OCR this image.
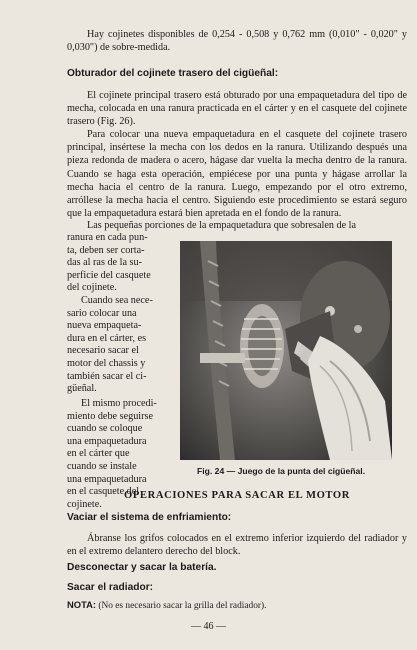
Hay cojinetes disponibles de 0,254 - 0,508 y 0,762 mm (0,010" - 0,020" y 0,030") de sobre-medida.

Obturador del cojinete trasero del cigüeñal:

El cojinete principal trasero está obturado por una empaquetadura del tipo de mecha, colocada en una ranura practicada en el cárter y en el casquete del cojinete trasero (Fig. 26).

Para colocar una nueva empaquetadura en el casquete del cojinete trasero principal, insértese la mecha con los dedos en la ranura. Utilizando después una pieza redonda de madera o acero, hágase dar vuelta la mecha dentro de la ranura. Cuando se haga esta operación, empiécese por una punta y hágase arrollar la mecha hacia el centro de la ranura. Luego, empezando por el otro extremo, arróllese la mecha hacia el centro. Siguiendo este procedimiento se estará seguro que la empaquetadura estará bien apretada en el fondo de la ranura.

Las pequeñas porciones de la empaquetadura que sobresalen de la

ranura en cada pun-
ta, deben ser corta-
das al ras de la su-
perficie del casquete
del cojinete.
Cuando sea nece-
sario colocar una
nueva empaqueta-
dura en el cárter, es
necesario sacar el
motor del chassis y
también sacar el ci-
güeñal.
El mismo procedi-
miento debe seguirse
cuando se coloque
una empaquetadura
en el cárter que
cuando se instale
una empaquetadura
en el casquete del
cojinete.

Fig. 24 — Juego de la punta del cigüeñal.

OPERACIONES PARA SACAR EL MOTOR

Vaciar el sistema de enfriamiento:

Ábranse los grifos colocados en el extremo inferior izquierdo del radiador y en el extremo delantero derecho del block.

Desconectar y sacar la batería.

Sacar el radiador:

NOTA: (No es necesario sacar la grilla del radiador).

— 46 —
